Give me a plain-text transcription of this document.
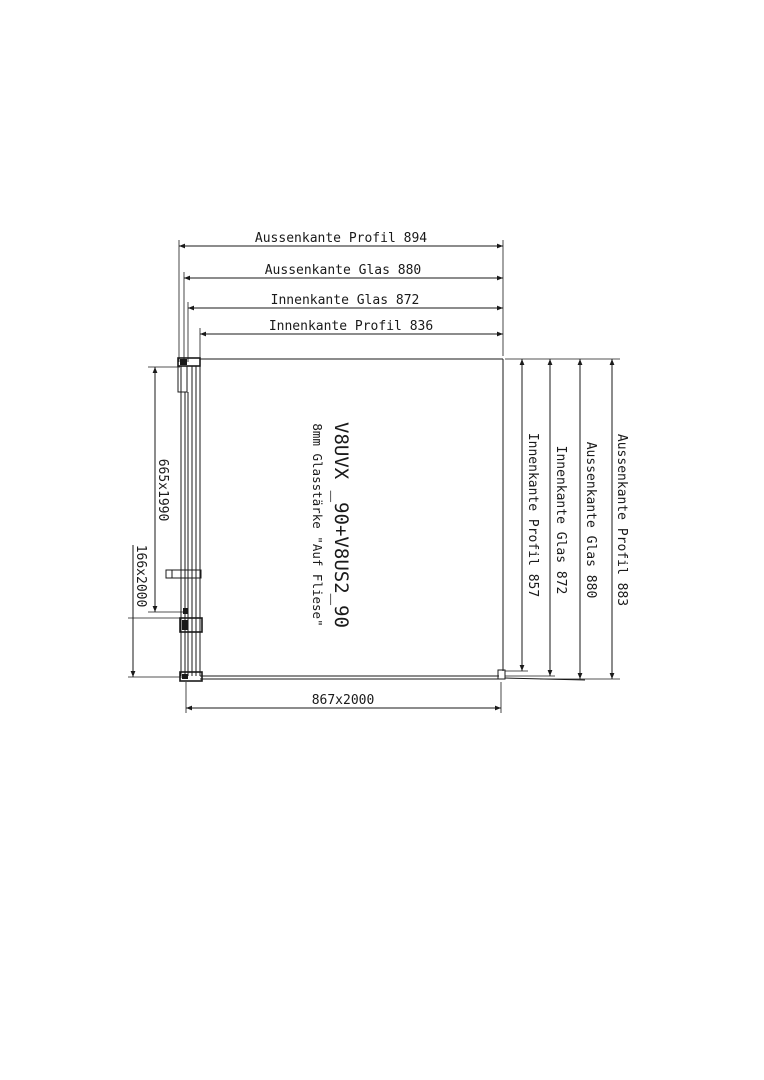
Aussenkante Profil 894
Aussenkante Glas 880
Innenkante Glas 872
Innenkante Profil 836
665x1990
166x2000
867x2000
Innenkante Profil 857 Innenkante Glas 872 Aussenkante Glas 880 Aussenkante Profil 883
V8UVX _90+V8US2_90
8mm Glasstärke "Auf Fliese"
